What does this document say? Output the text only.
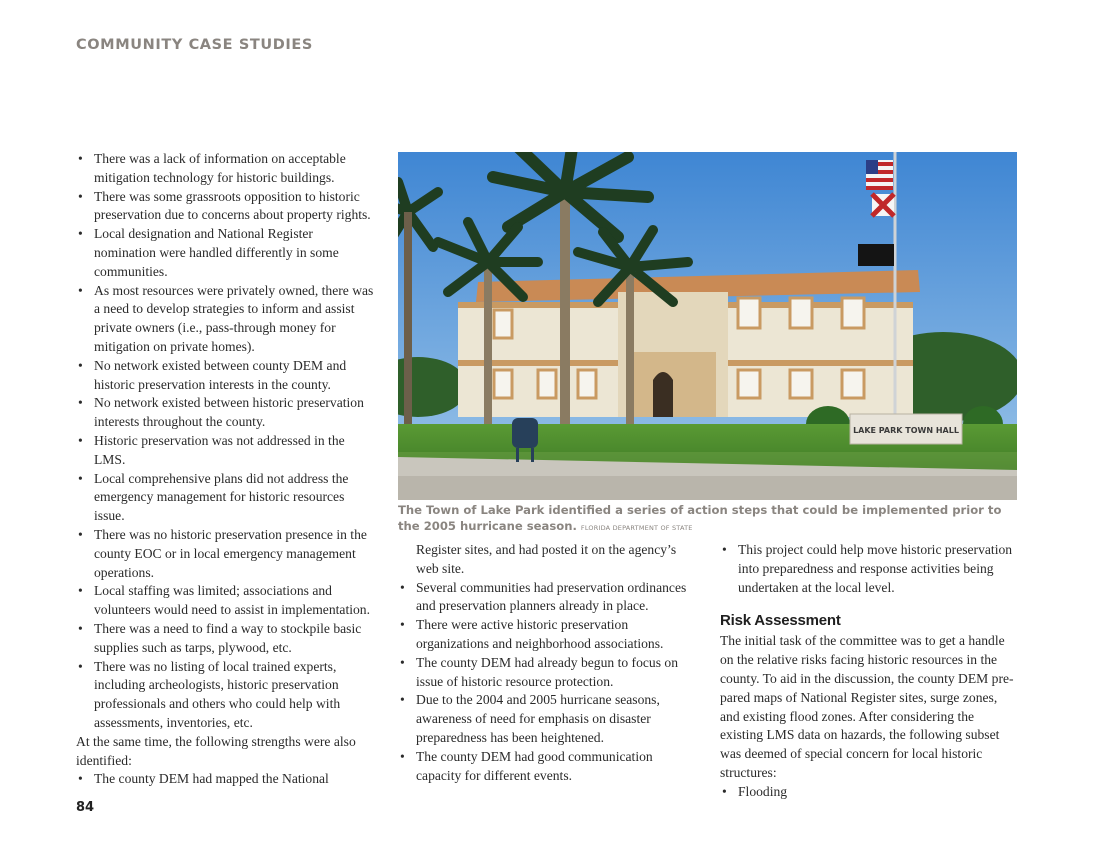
COMMUNITY CASE STUDIES
• There was a lack of information on acceptable mitigation technology for historic buildings.
• There was some grassroots opposition to historic preservation due to concerns about property rights.
• Local designation and National Register nomination were handled differently in some communities.
• As most resources were privately owned, there was a need to develop strategies to inform and assist private owners (i.e., pass-through money for mitigation on private homes).
• No network existed between county DEM and historic preservation interests in the county.
• No network existed between historic preservation interests throughout the county.
• Historic preservation was not addressed in the LMS.
• Local comprehensive plans did not address the emergency management for historic resources issue.
• There was no historic preservation presence in the county EOC or in local emergency management operations.
• Local staffing was limited; associations and volunteers would need to assist in implementation.
• There was a need to find a way to stockpile basic supplies such as tarps, plywood, etc.
• There was no listing of local trained experts, including archeologists, historic preservation professionals and others who could help with assessments, inventories, etc.

At the same time, the following strengths were also identified:

• The county DEM had mapped the National
LAKE PARK TOWN HALL
The Town of Lake Park identified a series of action steps that could be implemented prior to the 2005 hurricane season. FLORIDA DEPARTMENT OF STATE

Register sites, and had posted it on the agency’s web site.

• Several communities had preservation ordinances and preservation planners already in place.
• There were active historic preservation organizations and neighborhood associations.
• The county DEM had already begun to focus on issue of historic resource protection.
• Due to the 2004 and 2005 hurricane seasons, awareness of need for emphasis on disaster preparedness has been heightened.
• The county DEM had good communication capacity for different events.
• This project could help move historic preservation into preparedness and response activities being undertaken at the local level.
Risk Assessment

The initial task of the committee was to get a handle on the relative risks facing historic resources in the county. To aid in the discussion, the county DEM pre-pared maps of National Register sites, surge zones, and existing flood zones. After considering the existing LMS data on hazards, the following subset was deemed of special concern for local historic structures:

• Flooding
84
